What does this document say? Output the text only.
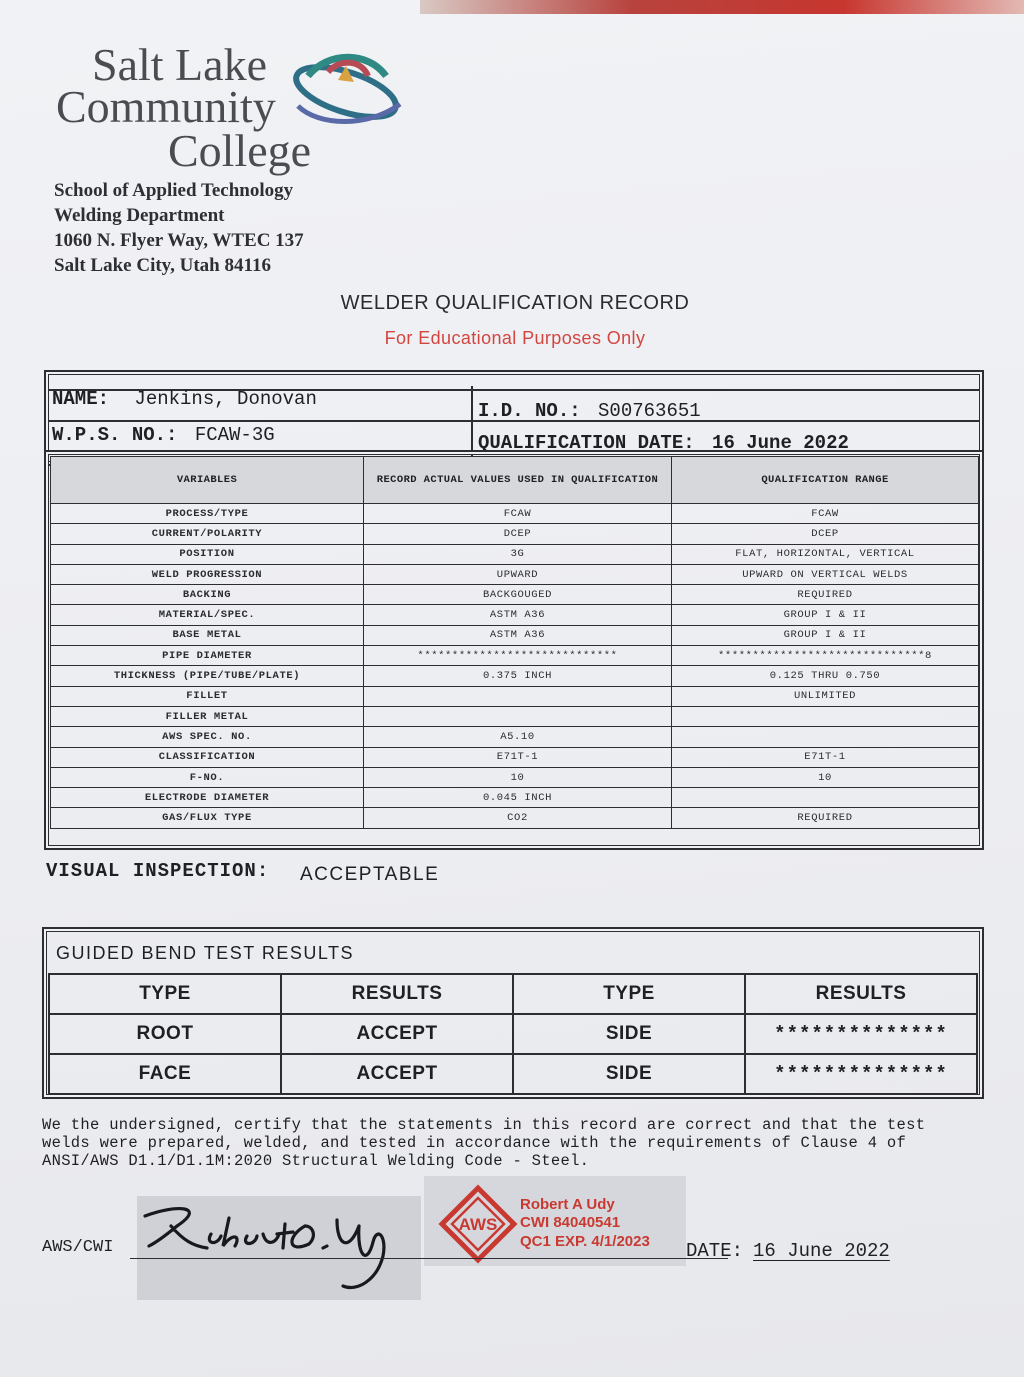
Salt Lake
Community
College
School of Applied Technology
Welding Department
1060 N. Flyer Way, WTEC 137
Salt Lake City, Utah 84116
WELDER QUALIFICATION RECORD
For Educational Purposes Only
NAME: Jenkins, Donovan
I.D. NO.: S00763651
W.P.S. NO.: FCAW-3G	QUALIFICATION DATE: 16 June 2022
VARIABLES	RECORD ACTUAL VALUES USED IN QUALIFICATION	QUALIFICATION RANGE
PROCESS/TYPE	FCAW	FCAW
CURRENT/POLARITY	DCEP	DCEP
POSITION	3G	FLAT, HORIZONTAL, VERTICAL
WELD PROGRESSION	UPWARD	UPWARD ON VERTICAL WELDS
BACKING	BACKGOUGED	REQUIRED
MATERIAL/SPEC.	ASTM A36	GROUP I & II
BASE METAL	ASTM A36	GROUP I & II
PIPE DIAMETER	*****************************	******************************8
THICKNESS (PIPE/TUBE/PLATE)	0.375 INCH	0.125 THRU 0.750
FILLET		UNLIMITED
FILLER METAL		
AWS SPEC. NO.	A5.10	
CLASSIFICATION	E71T-1	E71T-1
F-NO.	10	10
ELECTRODE DIAMETER	0.045 INCH	
GAS/FLUX TYPE	CO2	REQUIRED
VISUAL INSPECTION: ACCEPTABLE
GUIDED BEND TEST RESULTS
TYPE	RESULTS	TYPE	RESULTS
ROOT	ACCEPT	SIDE	**************
FACE	ACCEPT	SIDE	**************
We the undersigned, certify that the statements in this record are correct and that the test welds were prepared, welded, and tested in accordance with the requirements of Clause 4 of ANSI/AWS D1.1/D1.1M:2020 Structural Welding Code - Steel.
AWS
Robert A Udy
CWI 84040541
QC1 EXP. 4/1/2023
AWS/CWI	DATE: 16 June 2022
